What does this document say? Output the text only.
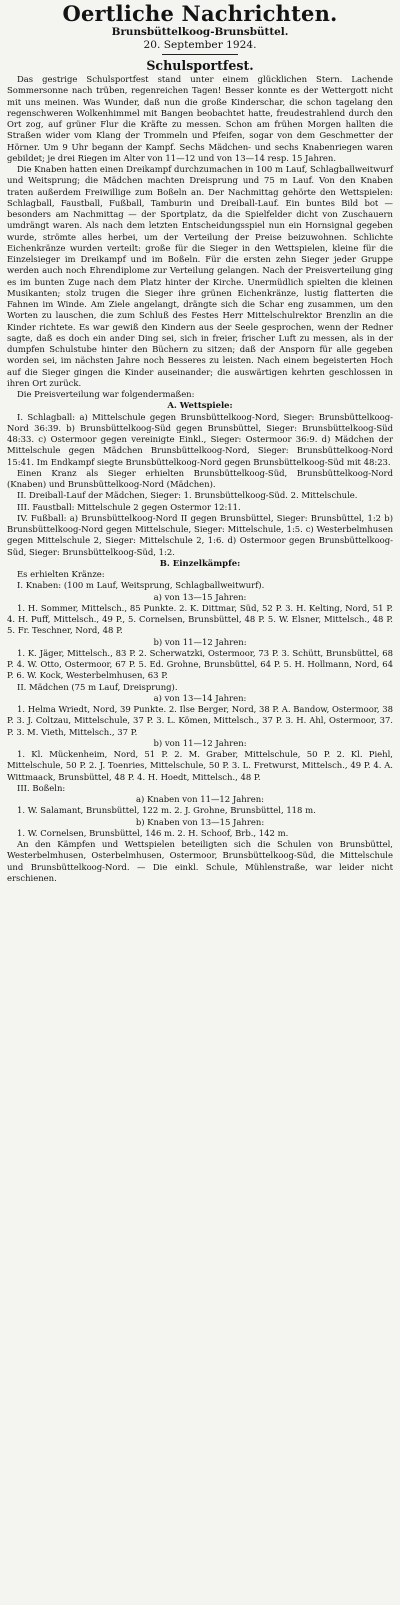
Oertliche Nachrichten.
Brunsbüttelkoog-Brunsbüttel.
20. September 1924.
Schulsportfest.

Das gestrige Schulsportfest stand unter einem glücklichen Stern. Lachende Sommersonne nach trüben, regenreichen Tagen! Besser konnte es der Wettergott nicht mit uns meinen. Was Wunder, daß nun die große Kinderschar, die schon tagelang den regenschweren Wolkenhimmel mit Bangen beobachtet hatte, freudestrahlend durch den Ort zog, auf grüner Flur die Kräfte zu messen. Schon am frühen Morgen hallten die Straßen wider vom Klang der Trommeln und Pfeifen, sogar von dem Geschmetter der Hörner. Um 9 Uhr begann der Kampf. Sechs Mädchen- und sechs Knabenriegen waren gebildet; je drei Riegen im Alter von 11—12 und von 13—14 resp. 15 Jahren.

Die Knaben hatten einen Dreikampf durchzumachen in 100 m Lauf, Schlagballweitwurf und Weitsprung; die Mädchen machten Dreisprung und 75 m Lauf. Von den Knaben traten außerdem Freiwillige zum Boßeln an. Der Nachmittag gehörte den Wettspielen: Schlagball, Faustball, Fußball, Tamburin und Dreiball-Lauf. Ein buntes Bild bot — besonders am Nachmittag — der Sportplatz, da die Spielfelder dicht von Zuschauern umdrängt waren. Als nach dem letzten Entscheidungsspiel nun ein Hornsignal gegeben wurde, strömte alles herbei, um der Verteilung der Preise beizuwohnen. Schlichte Eichenkränze wurden verteilt: große für die Sieger in den Wettspielen, kleine für die Einzelsieger im Dreikampf und im Boßeln. Für die ersten zehn Sieger jeder Gruppe werden auch noch Ehrendiplome zur Verteilung gelangen. Nach der Preisverteilung ging es im bunten Zuge nach dem Platz hinter der Kirche. Unermüdlich spielten die kleinen Musikanten; stolz trugen die Sieger ihre grünen Eichenkränze, lustig flatterten die Fahnen im Winde. Am Ziele angelangt, drängte sich die Schar eng zusammen, um den Worten zu lauschen, die zum Schluß des Festes Herr Mittelschulrektor Brenzlin an die Kinder richtete. Es war gewiß den Kindern aus der Seele gesprochen, wenn der Redner sagte, daß es doch ein ander Ding sei, sich in freier, frischer Luft zu messen, als in der dumpfen Schulstube hinter den Büchern zu sitzen; daß der Ansporn für alle gegeben worden sei, im nächsten Jahre noch Besseres zu leisten. Nach einem begeisterten Hoch auf die Sieger gingen die Kinder auseinander; die auswärtigen kehrten geschlossen in ihren Ort zurück.

Die Preisverteilung war folgendermaßen:

A. Wettspiele:

I. Schlagball: a) Mittelschule gegen Brunsbüttelkoog-Nord, Sieger: Brunsbüttelkoog-Nord 36:39. b) Brunsbüttelkoog-Süd gegen Brunsbüttel, Sieger: Brunsbüttelkoog-Süd 48:33. c) Ostermoor gegen vereinigte Einkl., Sieger: Ostermoor 36:9. d) Mädchen der Mittelschule gegen Mädchen Brunsbüttelkoog-Nord, Sieger: Brunsbüttelkoog-Nord 15:41. Im Endkampf siegte Brunsbüttelkoog-Nord gegen Brunsbüttelkoog-Süd mit 48:23.

Einen Kranz als Sieger erhielten Brunsbüttelkoog-Süd, Brunsbüttelkoog-Nord (Knaben) und Brunsbüttelkoog-Nord (Mädchen).

II. Dreiball-Lauf der Mädchen, Sieger: 1. Brunsbüttelkoog-Süd. 2. Mittelschule.

III. Faustball: Mittelschule 2 gegen Ostermor 12:11.

IV. Fußball: a) Brunsbüttelkoog-Nord II gegen Brunsbüttel, Sieger: Brunsbüttel, 1:2 b) Brunsbüttelkoog-Nord gegen Mittelschule, Sieger: Mittelschule, 1:5. c) Westerbelmhusen gegen Mittelschule 2, Sieger: Mittelschule 2, 1:6. d) Ostermoor gegen Brunsbüttelkoog-Süd, Sieger: Brunsbüttelkoog-Süd, 1:2.

B. Einzelkämpfe:

Es erhielten Kränze:

I. Knaben: (100 m Lauf, Weitsprung, Schlagballweitwurf).

a) von 13—15 Jahren:

1. H. Sommer, Mittelsch., 85 Punkte. 2. K. Dittmar, Süd, 52 P. 3. H. Kelting, Nord, 51 P. 4. H. Puff, Mittelsch., 49 P., 5. Cornelsen, Brunsbüttel, 48 P. 5. W. Elsner, Mittelsch., 48 P. 5. Fr. Teschner, Nord, 48 P.

b) von 11—12 Jahren:

1. K. Jäger, Mittelsch., 83 P. 2. Scherwatzki, Ostermoor, 73 P. 3. Schütt, Brunsbüttel, 68 P. 4. W. Otto, Ostermoor, 67 P. 5. Ed. Grohne, Brunsbüttel, 64 P. 5. H. Hollmann, Nord, 64 P. 6. W. Kock, Westerbelmhusen, 63 P.

II. Mädchen (75 m Lauf, Dreisprung).

a) von 13—14 Jahren:

1. Helma Wriedt, Nord, 39 Punkte. 2. Ilse Berger, Nord, 38 P. A. Bandow, Ostermoor, 38 P. 3. J. Coltzau, Mittelschule, 37 P. 3. L. Kömen, Mittelsch., 37 P. 3. H. Ahl, Ostermoor, 37. P. 3. M. Vieth, Mittelsch., 37 P.

b) von 11—12 Jahren:

1. Kl. Mückenheim, Nord, 51 P. 2. M. Graber, Mittelschule, 50 P. 2. Kl. Piehl, Mittelschule, 50 P. 2. J. Toenries, Mittelschule, 50 P. 3. L. Fretwurst, Mittelsch., 49 P. 4. A. Wittmaack, Brunsbüttel, 48 P. 4. H. Hoedt, Mittelsch., 48 P.

III. Boßeln:

a) Knaben von 11—12 Jahren:

1. W. Salamant, Brunsbüttel, 122 m. 2. J. Grohne, Brunsbüttel, 118 m.

b) Knaben von 13—15 Jahren:

1. W. Cornelsen, Brunsbüttel, 146 m. 2. H. Schoof, Brb., 142 m.

An den Kämpfen und Wettspielen beteiligten sich die Schulen von Brunsbüttel, Westerbelmhusen, Osterbelmhusen, Ostermoor, Brunsbüttelkoog-Süd, die Mittelschule und Brunsbüttelkoog-Nord. — Die einkl. Schule, Mühlenstraße, war leider nicht erschienen.
